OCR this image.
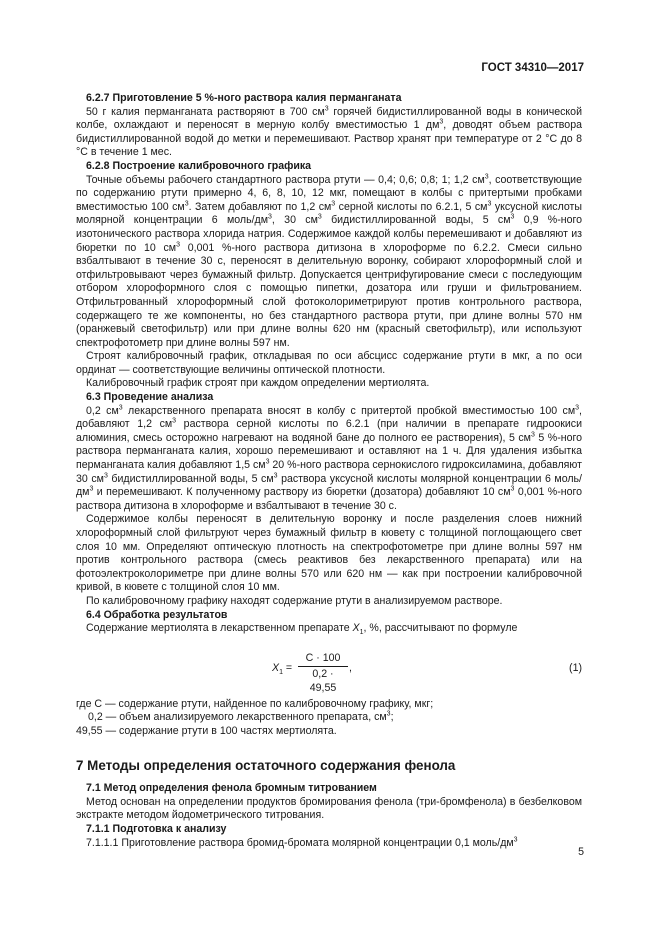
ГОСТ 34310—2017
6.2.7 Приготовление 5 %-ного раствора калия перманганата

50 г калия перманганата растворяют в 700 $см^3$ горячей бидистиллированной воды в конической колбе, охлаждают и переносят в мерную колбу вместимостью 1 $дм^3$, доводят объем раствора бидистиллированной водой до метки и перемешивают. Раствор хранят при температуре от 2 °С до 8 °С в течение 1 мес.

6.2.8 Построение калибровочного графика

Точные объемы рабочего стандартного раствора ртути — 0,4; 0,6; 0,8; 1; 1,2 $см^3$, соответствующие по содержанию ртути примерно 4, 6, 8, 10, 12 мкг, помещают в колбы с притертыми пробками вместимостью 100 $см^3$. Затем добавляют по 1,2 $см^3$ серной кислоты по 6.2.1, 5 $см^3$ уксусной кислоты молярной концентрации 6 моль/$дм^3$, 30 $см^3$ бидистиллированной воды, 5 $см^3$ 0,9 %-ного изотонического раствора хлорида натрия. Содержимое каждой колбы перемешивают и добавляют из бюретки по 10 $см^3$ 0,001 %-ного раствора дитизона в хлороформе по 6.2.2. Смеси сильно взбалтывают в течение 30 с, переносят в делительную воронку, собирают хлороформный слой и отфильтровывают через бумажный фильтр. Допускается центрифугирование смеси с последующим отбором хлороформного слоя с помощью пипетки, дозатора или груши и фильтрованием. Отфильтрованный хлороформный слой фотоколориметрируют против контрольного раствора, содержащего те же компоненты, но без стандартного раствора ртути, при длине волны 570 нм (оранжевый светофильтр) или при длине волны 620 нм (красный светофильтр), или используют спектрофотометр при длине волны 597 нм.

Строят калибровочный график, откладывая по оси абсцисс содержание ртути в мкг, а по оси ординат — соответствующие величины оптической плотности.

Калибровочный график строят при каждом определении мертиолята.

6.3 Проведение анализа

0,2 $см^3$ лекарственного препарата вносят в колбу с притертой пробкой вместимостью 100 $см^3$, добавляют 1,2 $см^3$ раствора серной кислоты по 6.2.1 (при наличии в препарате гидроокиси алюминия, смесь осторожно нагревают на водяной бане до полного ее растворения), 5 $см^3$ 5 %-ного раствора перманганата калия, хорошо перемешивают и оставляют на 1 ч. Для удаления избытка перманганата калия добавляют 1,5 $см^3$ 20 %-ного раствора сернокислого гидроксиламина, добавляют 30 $см^3$ бидистиллированной воды, 5 $см^3$ раствора уксусной кислоты молярной концентрации 6 моль/$дм^3$ и перемешивают. К полученному раствору из бюретки (дозатора) добавляют 10 $см^3$ 0,001 %-ного раствора дитизона в хлороформе и взбалтывают в течение 30 с.

Содержимое колбы переносят в делительную воронку и после разделения слоев нижний хлороформный слой фильтруют через бумажный фильтр в кювету с толщиной поглощающего свет слоя 10 мм. Определяют оптическую плотность на спектрофотометре при длине волны 597 нм против контрольного раствора (смесь реактивов без лекарственного препарата) или на фотоэлектроколориметре при длине волны 570 или 620 нм — как при построении калибровочной кривой, в кювете с толщиной слоя 10 мм.

По калибровочному графику находят содержание ртути в анализируемом растворе.

6.4 Обработка результатов

Содержание мертиолята в лекарственном препарате $X_1$, %, рассчитывают по формуле

$X_1 = \frac{C \cdot 100}{0,2 \cdot 49,55}$ ,	(1)
где C — содержание ртути, найденное по калибровочному графику, мкг;
0,2 — объем анализируемого лекарственного препарата, $см^3$;
49,55 — содержание ртути в 100 частях мертиолята.
7 Методы определения остаточного содержания фенола
7.1 Метод определения фенола бромным титрованием

Метод основан на определении продуктов бромирования фенола (три-бромфенола) в безбелковом экстракте методом йодометрического титрования.

7.1.1 Подготовка к анализу

7.1.1.1 Приготовление раствора бромид-бромата молярной концентрации 0,1 моль/$дм^3$

5
